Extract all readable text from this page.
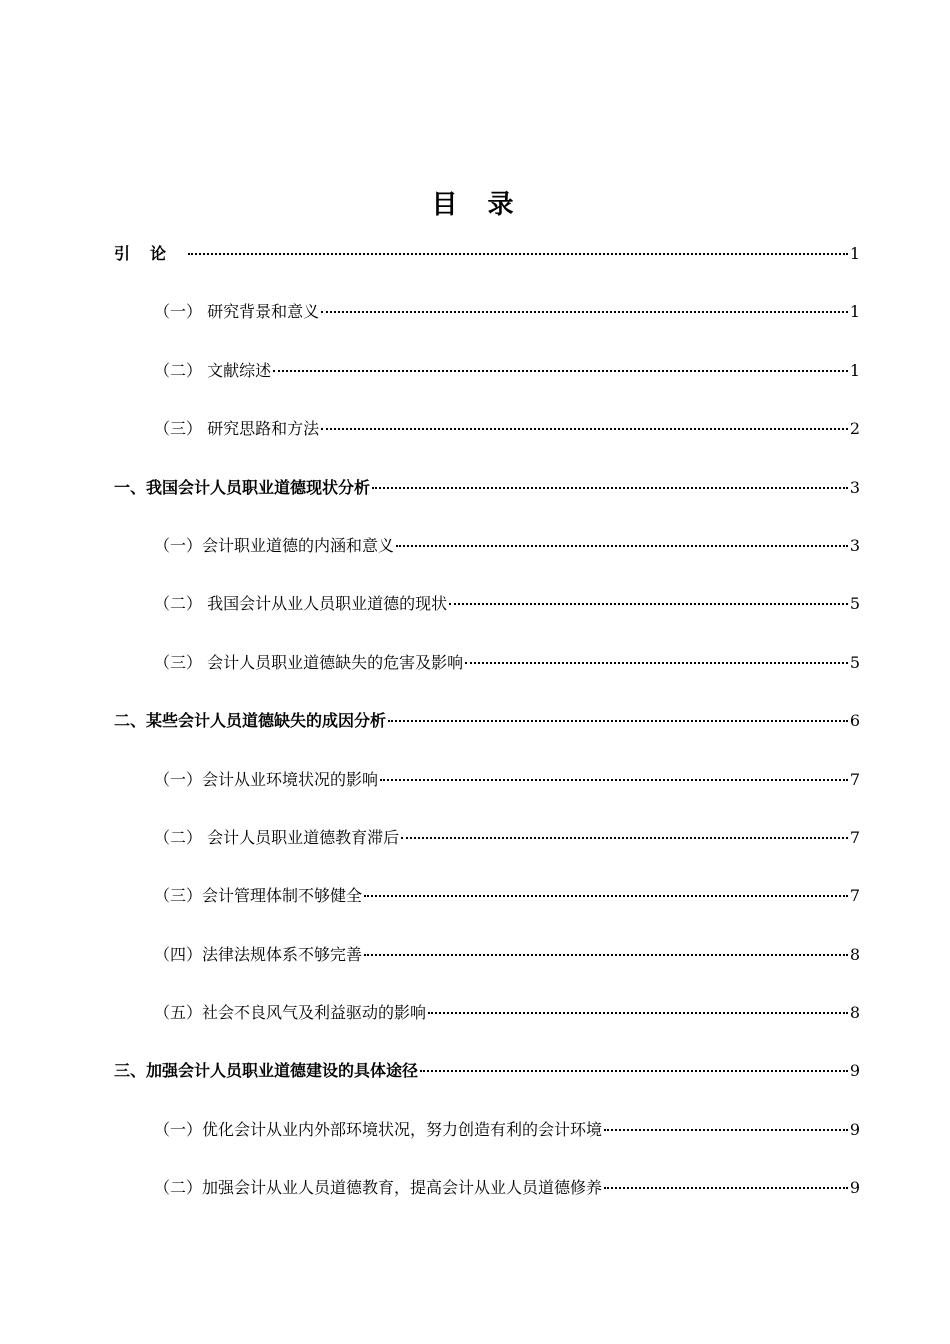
目录
引论	1
（一） 研究背景和意义	1
（二） 文献综述	1
（三） 研究思路和方法	2
一、我国会计人员职业道德现状分析	3
（一）会计职业道德的内涵和意义	3
（二） 我国会计从业人员职业道德的现状	5
（三） 会计人员职业道德缺失的危害及影响	5
二、某些会计人员道德缺失的成因分析	6
（一）会计从业环境状况的影响	7
（二） 会计人员职业道德教育滞后	7
（三）会计管理体制不够健全	7
（四）法律法规体系不够完善	8
（五）社会不良风气及利益驱动的影响	8
三、加强会计人员职业道德建设的具体途径	9
（一）优化会计从业内外部环境状况，努力创造有利的会计环境	9
（二）加强会计从业人员道德教育，提高会计从业人员道德修养	9
